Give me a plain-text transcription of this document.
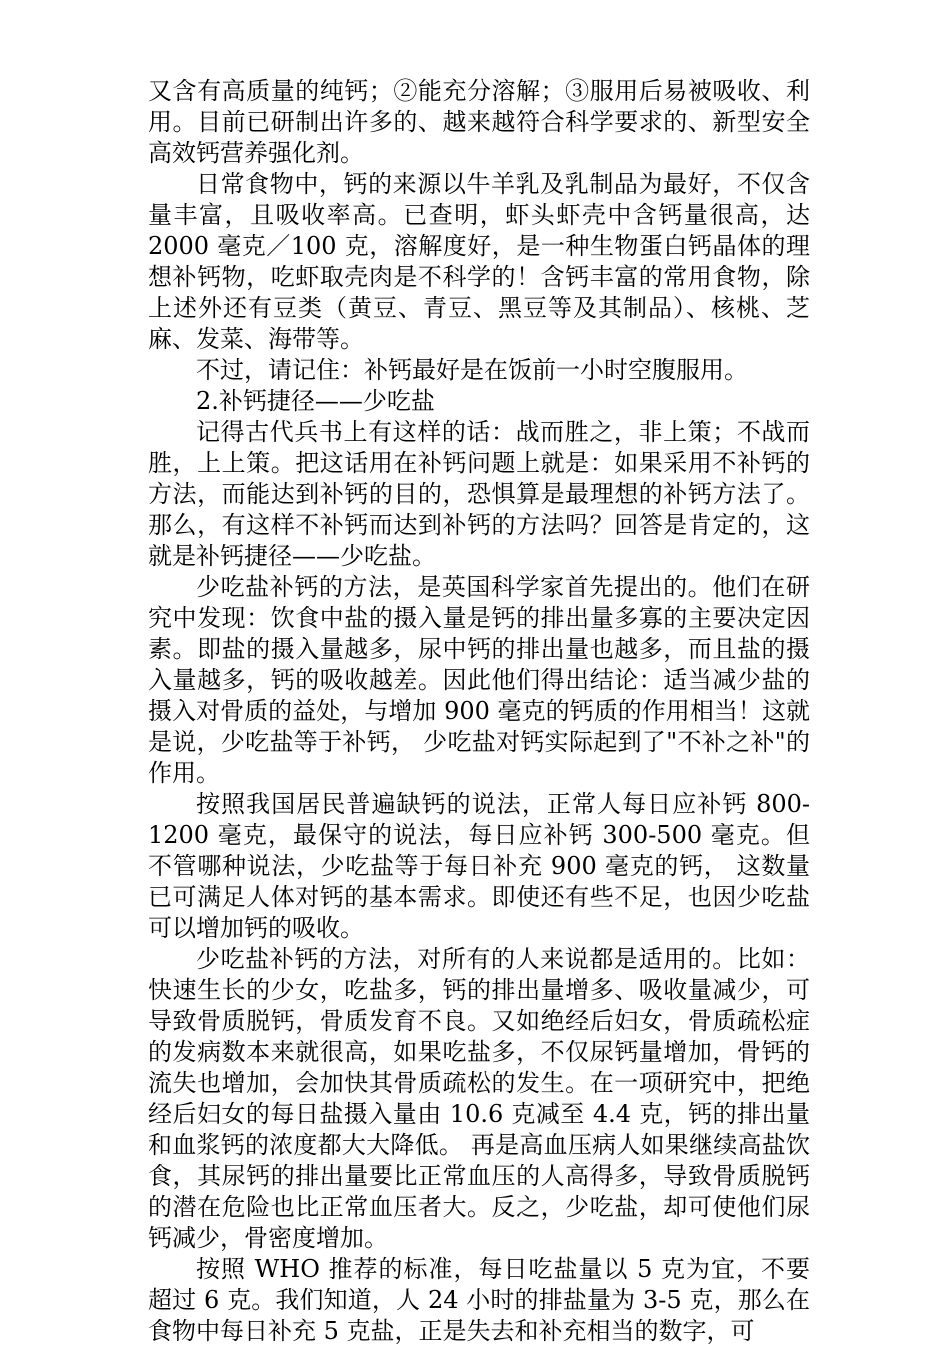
又含有高质量的纯钙；②能充分溶解；③服用后易被吸收、利用。目前已研制出许多的、越来越符合科学要求的、新型安全高效钙营养强化剂。

日常食物中，钙的来源以牛羊乳及乳制品为最好，不仅含量丰富，且吸收率高。已查明，虾头虾壳中含钙量很高，达 2000 毫克／100 克，溶解度好，是一种生物蛋白钙晶体的理想补钙物，吃虾取壳肉是不科学的！含钙丰富的常用食物，除上述外还有豆类（黄豆、青豆、黑豆等及其制品）、核桃、芝麻、发菜、海带等。

不过，请记住：补钙最好是在饭前一小时空腹服用。

2.补钙捷径——少吃盐

记得古代兵书上有这样的话：战而胜之，非上策；不战而胜，上上策。把这话用在补钙问题上就是：如果采用不补钙的方法，而能达到补钙的目的，恐惧算是最理想的补钙方法了。那么，有这样不补钙而达到补钙的方法吗？回答是肯定的，这就是补钙捷径——少吃盐。

少吃盐补钙的方法，是英国科学家首先提出的。他们在研究中发现：饮食中盐的摄入量是钙的排出量多寡的主要决定因素。即盐的摄入量越多，尿中钙的排出量也越多，而且盐的摄入量越多，钙的吸收越差。因此他们得出结论：适当减少盐的摄入对骨质的益处，与增加 900 毫克的钙质的作用相当！这就是说，少吃盐等于补钙， 少吃盐对钙实际起到了"不补之补"的作用。

按照我国居民普遍缺钙的说法，正常人每日应补钙 800-1200 毫克，最保守的说法，每日应补钙 300-500 毫克。但不管哪种说法，少吃盐等于每日补充 900 毫克的钙， 这数量已可满足人体对钙的基本需求。即使还有些不足，也因少吃盐可以增加钙的吸收。

少吃盐补钙的方法，对所有的人来说都是适用的。比如：快速生长的少女，吃盐多，钙的排出量增多、吸收量减少，可导致骨质脱钙，骨质发育不良。又如绝经后妇女，骨质疏松症的发病数本来就很高，如果吃盐多，不仅尿钙量增加，骨钙的流失也增加，会加快其骨质疏松的发生。在一项研究中，把绝经后妇女的每日盐摄入量由 10.6 克减至 4.4 克，钙的排出量和血浆钙的浓度都大大降低。 再是高血压病人如果继续高盐饮食，其尿钙的排出量要比正常血压的人高得多，导致骨质脱钙的潜在危险也比正常血压者大。反之，少吃盐，却可使他们尿钙减少，骨密度增加。

按照 WHO 推荐的标准，每日吃盐量以 5 克为宜，不要超过 6 克。我们知道，人 24 小时的排盐量为 3-5 克，那么在食物中每日补充 5 克盐，正是失去和补充相当的数字，可
